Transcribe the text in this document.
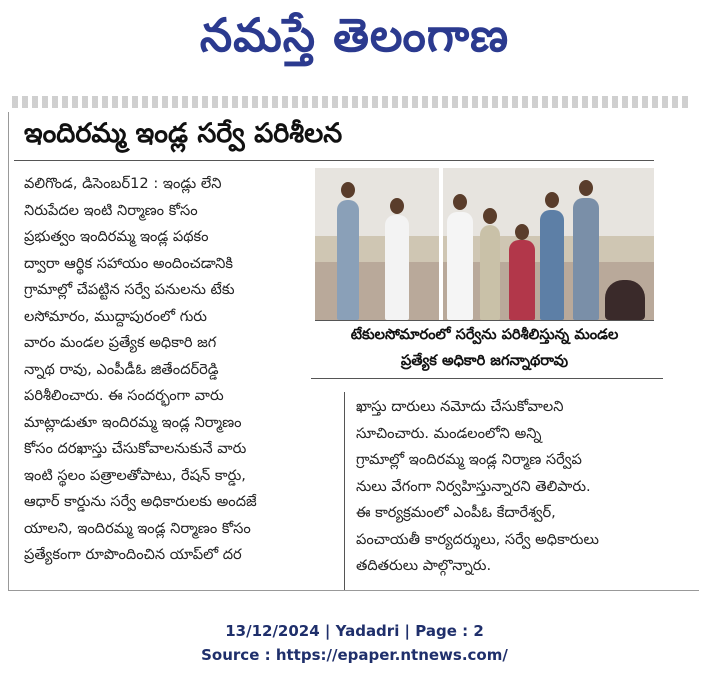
నమస్తే తెలంగాణ
ఇందిరమ్మ ఇండ్ల సర్వే పరిశీలన
వలిగొండ, డిసెంబర్12 : ఇండ్లు లేని
నిరుపేదల ఇంటి నిర్మాణం కోసం
ప్రభుత్వం ఇందిరమ్మ ఇండ్ల పథకం
ద్వారా ఆర్థిక సహాయం అందించడానికి
గ్రామాల్లో చేపట్టిన సర్వే పనులను టేకు
లసోమారం, ముద్దాపురంలో గురు
వారం మండల ప్రత్యేక అధికారి జగ
న్నాథ రావు, ఎంపీడీఓ జితేందర్‌రెడ్డి
పరిశీలించారు. ఈ సందర్భంగా వారు
మాట్లాడుతూ ఇందిరమ్మ ఇండ్ల నిర్మాణం
కోసం దరఖాస్తు చేసుకోవాలనుకునే వారు
ఇంటి స్థలం పత్రాలతోపాటు, రేషన్ కార్డు,
ఆధార్ కార్డును సర్వే అధికారులకు అందజే
యాలని, ఇందిరమ్మ ఇండ్ల నిర్మాణం కోసం
ప్రత్యేకంగా రూపొందించిన యాప్‌లో దర
టేకులసోమారంలో సర్వేను పరిశీలిస్తున్న మండల
ప్రత్యేక అధికారి జగన్నాథరావు
ఖాస్తు దారులు నమోదు చేసుకోవాలని
సూచించారు. మండలంలోని అన్ని
గ్రామాల్లో ఇందిరమ్మ ఇండ్ల నిర్మాణ సర్వేప
నులు వేగంగా నిర్వహిస్తున్నారని తెలిపారు.
ఈ కార్యక్రమంలో ఎంపీఓ కేదారేశ్వర్,
పంచాయతీ కార్యదర్శులు, సర్వే అధికారులు
తదితరులు పాల్గొన్నారు.
13/12/2024 | Yadadri | Page : 2
Source : https://epaper.ntnews.com/
